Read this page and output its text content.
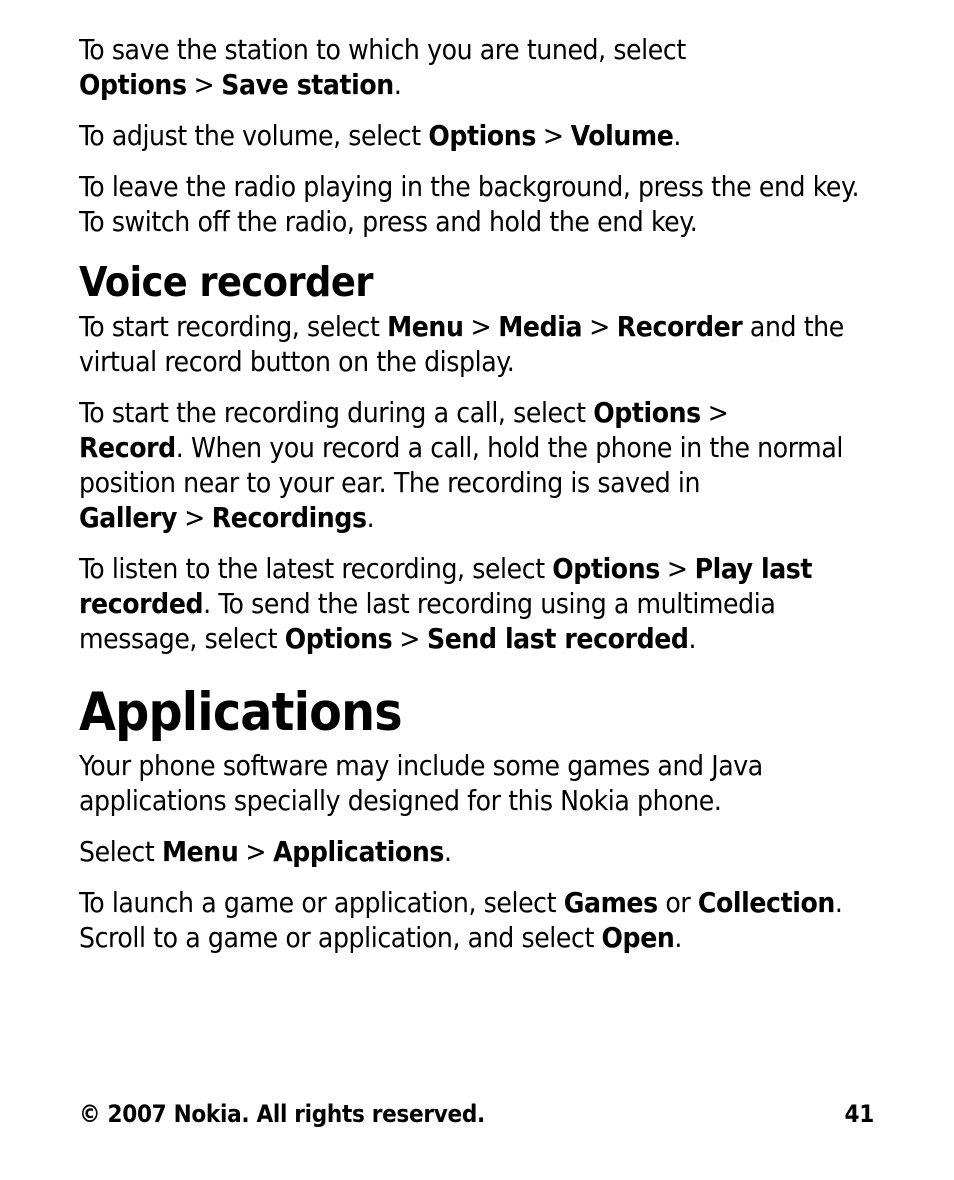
To save the station to which you are tuned, select
Options > Save station.

To adjust the volume, select Options > Volume.

To leave the radio playing in the background, press the end key. To switch off the radio, press and hold the end key.

Voice recorder

To start recording, select Menu > Media > Recorder and the virtual record button on the display.

To start the recording during a call, select Options >
Record. When you record a call, hold the phone in the normal position near to your ear. The recording is saved in Gallery > Recordings.

To listen to the latest recording, select Options > Play last recorded. To send the last recording using a multimedia message, select Options > Send last recorded.

Applications

Your phone software may include some games and Java applications specially designed for this Nokia phone.

Select Menu > Applications.

To launch a game or application, select Games or Collection. Scroll to a game or application, and select Open.

© 2007 Nokia. All rights reserved.	41
